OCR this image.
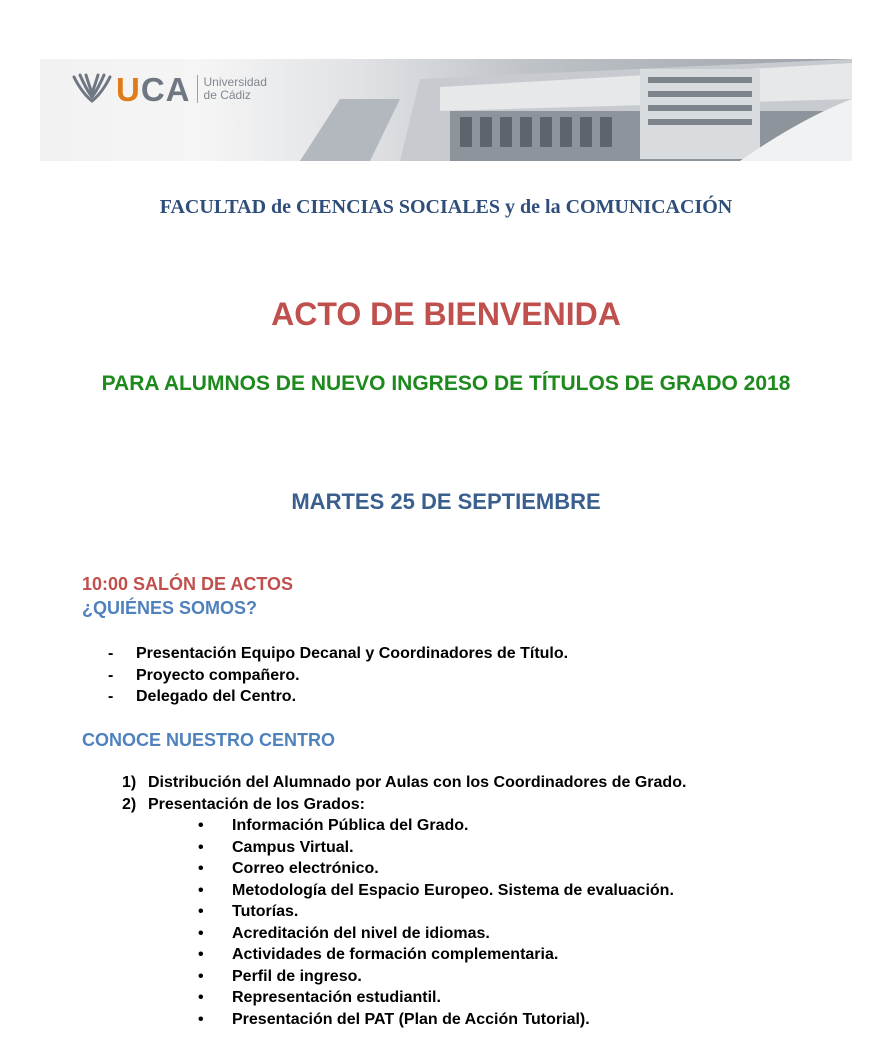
UCA Universidad
de Cádiz
FACULTAD de CIENCIAS SOCIALES y de la COMUNICACIÓN
ACTO DE BIENVENIDA
PARA ALUMNOS DE NUEVO INGRESO DE TÍTULOS DE GRADO 2018
MARTES 25 DE SEPTIEMBRE
10:00 SALÓN DE ACTOS
¿QUIÉNES SOMOS?
-	Presentación Equipo Decanal y Coordinadores de Título.
-	Proyecto compañero.
-	Delegado del Centro.
CONOCE NUESTRO CENTRO
1) Distribución del Alumnado por Aulas con los Coordinadores de Grado.
2) Presentación de los Grados:
•	Información Pública del Grado.
•	Campus Virtual.
•	Correo electrónico.
•	Metodología del Espacio Europeo. Sistema de evaluación.
•	Tutorías.
•	Acreditación del nivel de idiomas.
•	Actividades de formación complementaria.
•	Perfil de ingreso.
•	Representación estudiantil.
•	Presentación del PAT (Plan de Acción Tutorial).
